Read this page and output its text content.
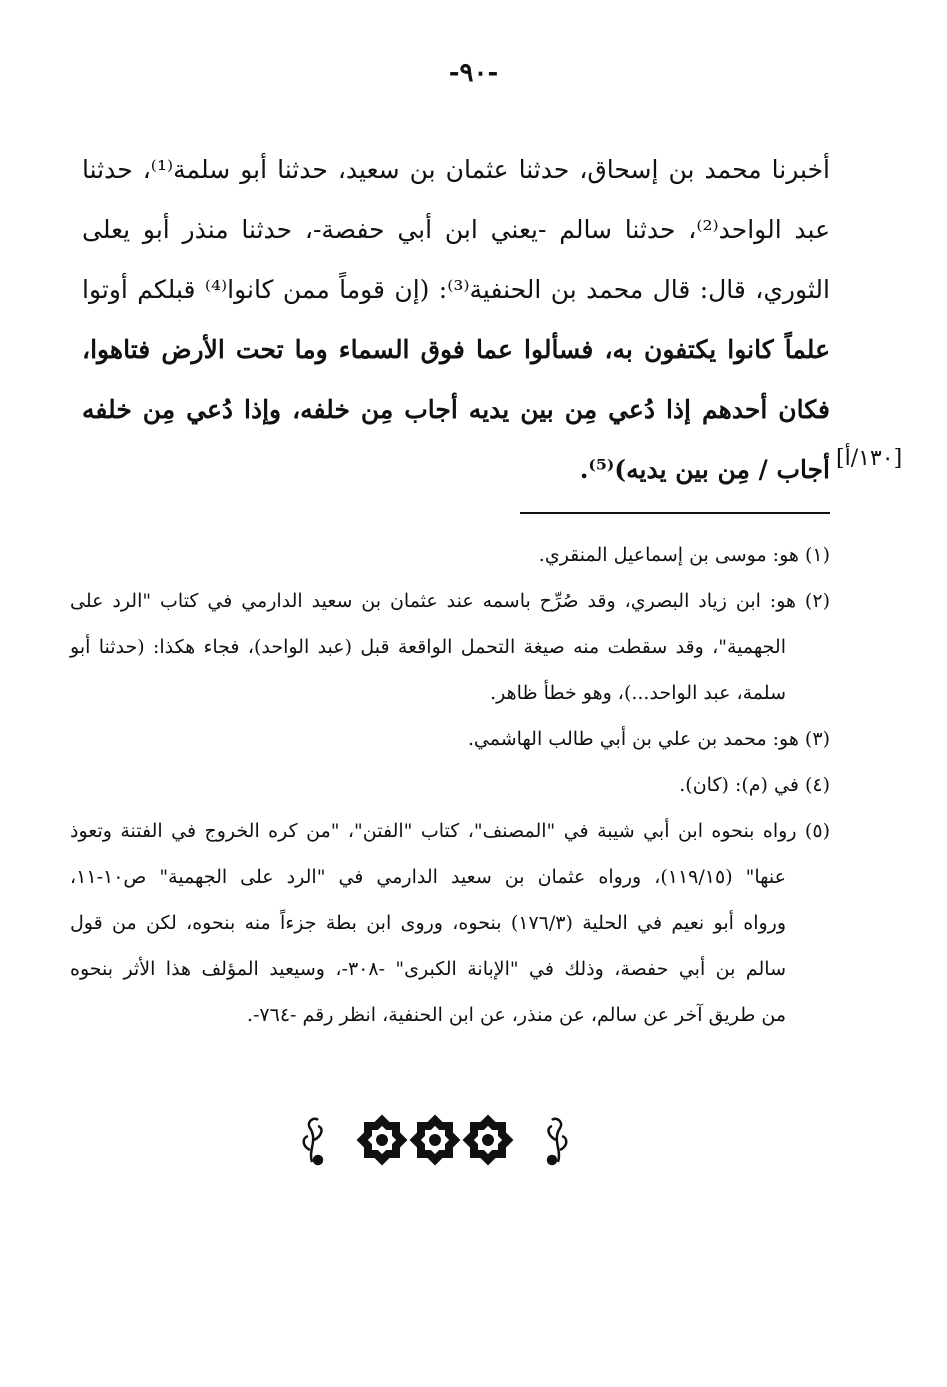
-٩٠-
أخبرنا محمد بن إسحاق، حدثنا عثمان بن سعيد، حدثنا أبو سلمة⁽¹⁾، حدثنا
عبد الواحد⁽²⁾، حدثنا سالم -يعني ابن أبي حفصة-، حدثنا منذر أبو يعلى
الثوري، قال: قال محمد بن الحنفية⁽³⁾: (إن قوماً ممن كانوا⁽⁴⁾ قبلكم أوتوا
علماً كانوا يكتفون به، فسألوا عما فوق السماء وما تحت الأرض فتاهوا،
فكان أحدهم إذا دُعي مِن بين يديه أجاب مِن خلفه، وإذا دُعي مِن خلفه
أجاب / مِن بين يديه)⁽⁵⁾. [١٣٠/أ]
(١) هو: موسى بن إسماعيل المنقري.
(٢) هو: ابن زياد البصري، وقد صُرِّح باسمه عند عثمان بن سعيد الدارمي في كتاب "الرد على
الجهمية"، وقد سقطت منه صيغة التحمل الواقعة قبل (عبد الواحد)، فجاء هكذا: (حدثنا أبو
سلمة، عبد الواحد...)، وهو خطأ ظاهر.
(٣) هو: محمد بن علي بن أبي طالب الهاشمي.
(٤) في (م): (كان).
(٥) رواه بنحوه ابن أبي شيبة في "المصنف"، كتاب "الفتن"، "من كره الخروج في الفتنة وتعوذ
عنها" (١١٩/١٥)، ورواه عثمان بن سعيد الدارمي في "الرد على الجهمية" ص١٠-١١،
ورواه أبو نعيم في الحلية (١٧٦/٣) بنحوه، وروى ابن بطة جزءاً منه بنحوه، لكن من قول
سالم بن أبي حفصة، وذلك في "الإبانة الكبرى" -٣٠٨-، وسيعيد المؤلف هذا الأثر بنحوه
من طريق آخر عن سالم، عن منذر، عن ابن الحنفية، انظر رقم -٧٦٤-.
